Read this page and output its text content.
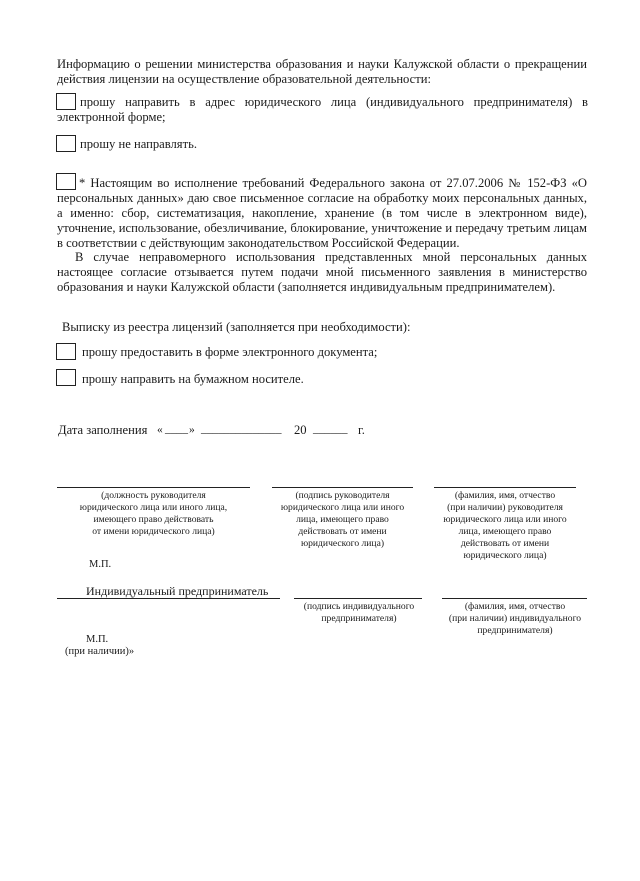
Информацию о решении министерства образования и науки Калужской области о прекращении действия лицензии на осуществление образовательной деятельности:
прошу направить в адрес юридического лица (индивидуального предпринимателя) в
электронной форме;
прошу не направлять.
* Настоящим во исполнение требований Федерального закона от 27.07.2006 № 152-ФЗ «О персональных данных» даю свое письменное согласие на обработку моих персональных данных, а именно: сбор, систематизация, накопление, хранение (в том числе в электронном виде), уточнение, использование, обезличивание, блокирование, уничтожение и передачу третьим лицам в соответствии с действующим законодательством Российской Федерации.
В случае неправомерного использования представленных мной персональных данных настоящее согласие отзывается путем подачи мной письменного заявления в министерство образования и науки Калужской области (заполняется индивидуальным предпринимателем).
Выписку из реестра лицензий (заполняется при необходимости):
прошу предоставить в форме электронного документа;
прошу направить на бумажном носителе.
Дата заполнения « ____ » ______________ 20 ______ г.
(должность руководителя
юридического лица или иного лица,
имеющего право действовать
от имени юридического лица)
(подпись руководителя
юридического лица или иного
лица, имеющего право
действовать от имени
юридического лица)
(фамилия, имя, отчество
(при наличии) руководителя
юридического лица или иного
лица, имеющего право
действовать от имени
юридического лица)
М.П.
Индивидуальный предприниматель
(подпись индивидуального
предпринимателя)
(фамилия, имя, отчество
(при наличии) индивидуального
предпринимателя)
М.П.
(при наличии)»
